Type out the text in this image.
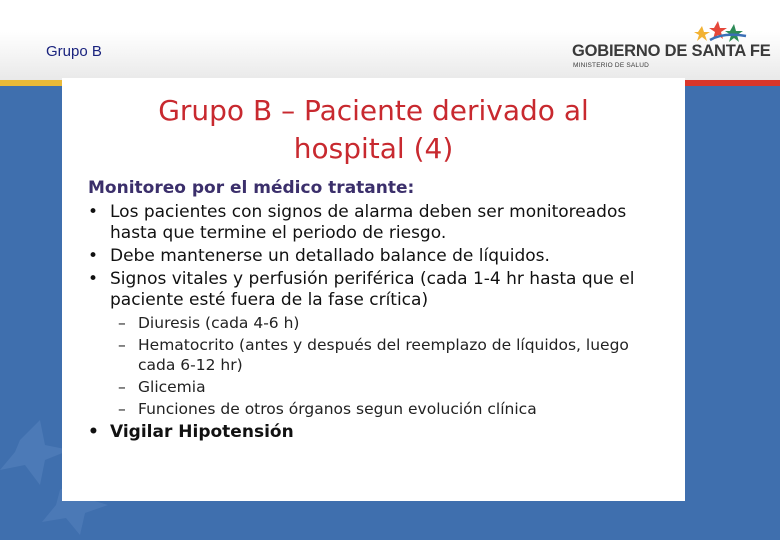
Grupo B	GOBIERNO DE SANTA FE
MINISTERIO DE SALUD
Grupo B – Paciente derivado al
hospital (4)
Monitoreo por el médico tratante:
• Los pacientes con signos de alarma deben ser monitoreados hasta que termine el periodo de riesgo.
• Debe mantenerse un detallado balance de líquidos.
• Signos vitales y perfusión periférica (cada 1-4 hr hasta que el paciente esté fuera de la fase crítica)
– Diuresis (cada 4-6 h)
– Hematocrito (antes y después del reemplazo de líquidos, luego cada 6-12 hr)
– Glicemia
– Funciones de otros órganos segun evolución clínica
• Vigilar Hipotensión
